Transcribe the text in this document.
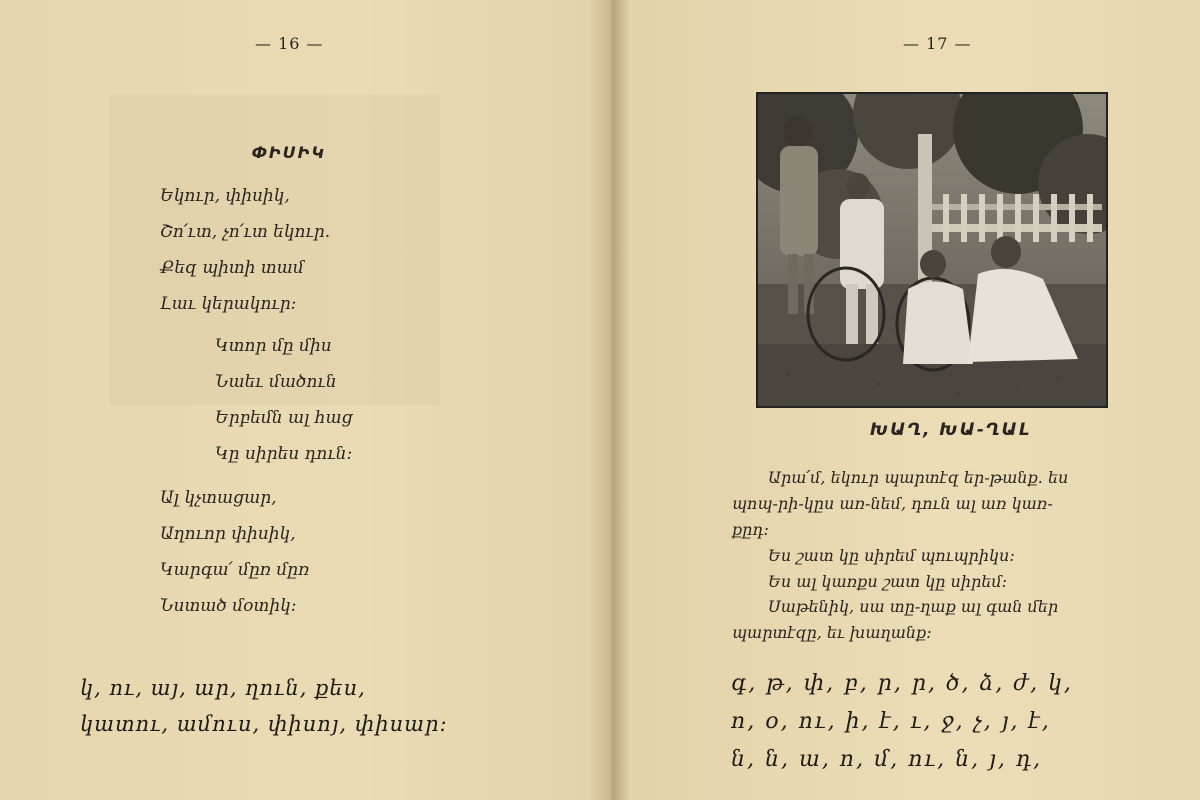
— 16 —
ՓԻՍԻԿ
Եկուր, փիսիկ,
Շո՛ւտ, չո՛ւտ եկուր.
Քեզ պիտի տամ
Լաւ կերակուր:
Կտոր մը միս
Նաեւ մածուն
Երբեմն ալ հաց
Կը սիրես դուն:
Ալ կչտացար,
Աղուոր փիսիկ,
Կարգա՛ մըռ մըռ
Նստած մօտիկ:
կ, ու, այ, ար, ղուն, քես,
կատու, ամուս, փիսոյ, փիսար:
— 17 —
ԽԱՂ, ԽԱ-ՂԱԼ
Արա՛մ, եկուր պարտէզ եր-թանք. ես
պոպ-րի-կըս առ-նեմ, դուն ալ առ կառ-
քըդ:
Ես շատ կը սիրեմ պուպրիկս:
Ես ալ կառքս շատ կը սիրեմ:
Սաթենիկ, սա տը-ղաք ալ գան մեր
պարտէզը, եւ խաղանք:
գ, թ, փ, բ, ր, ր, ծ, ձ, ժ, կ,
ո, օ, ու, ի, է, ւ, ջ, չ, յ, է,
ն, ն, ա, ո, մ, ու, ն, յ, դ,
